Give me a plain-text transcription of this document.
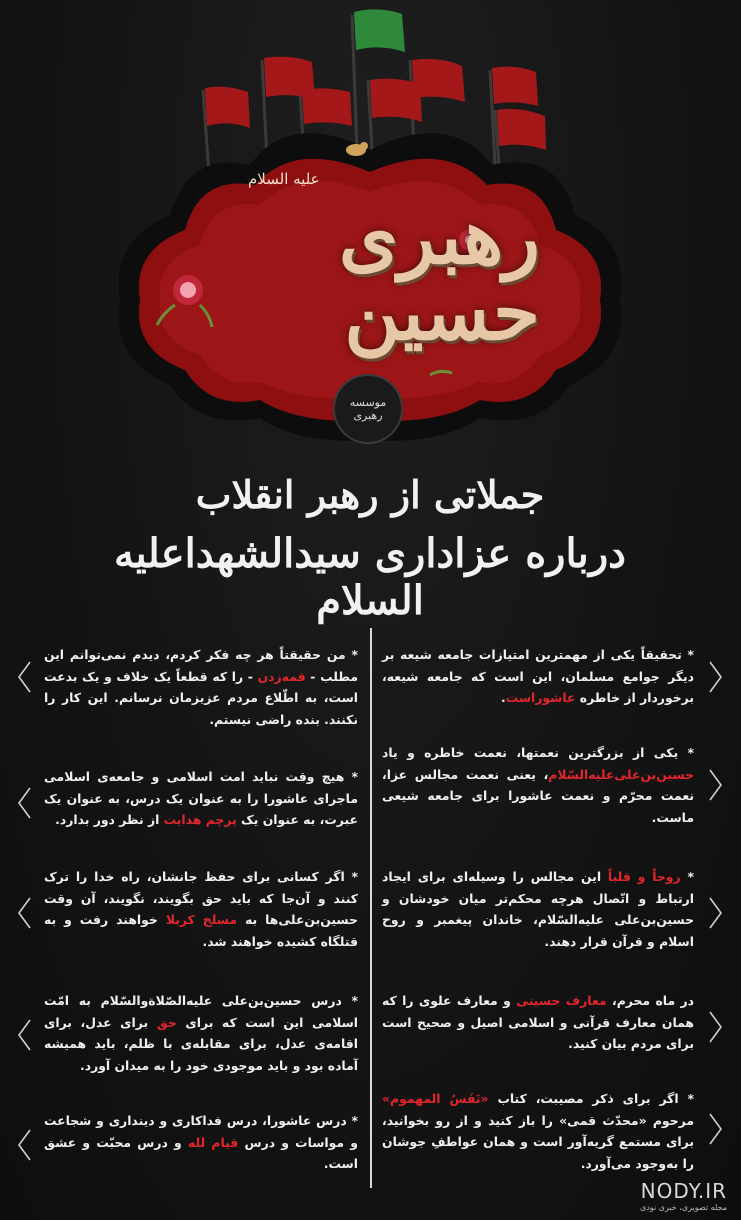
علیه السلام
رهبری حسین
موسسه رهبری
جملاتی از رهبر انقلاب
درباره عزاداری سیدالشهداعلیه السلام
* من حقیقتاً هر چه فکر کردم، دیدم نمی‌توانم این مطلب - قمه‌زدن - را که قطعاً یک خلاف و یک بدعت است، به اطّلاع مردم عزیزمان نرسانم. این کار را نکنند. بنده راضی نیستم.
* هیچ وقت نباید امت اسلامی و جامعه‌ی اسلامی ماجرای عاشورا را به عنوان یک درس، به عنوان یک عبرت، به عنوان یک پرچم هدایت از نظر دور بدارد.
* اگر کسانی برای حفظ جانشان، راه خدا را ترک کنند و آن‌جا که باید حق بگویند، نگویند، آن وقت حسین‌بن‌علی‌ها به مسلخ کربلا خواهند رفت و به قتلگاه کشیده خواهند شد.
* درس حسین‌بن‌علی علیه‌الصّلاة‌والسّلام به امّت اسلامی این است که برای حق برای عدل، برای اقامه‌ی عدل، برای مقابله‌ی با ظلم، باید همیشه آماده بود و باید موجودی خود را به میدان آورد.
* درس عاشورا، درس فداکاری و دینداری و شجاعت و مواسات و درس قیام لله و درس محبّت و عشق است.
* تحقیقاً یکی از مهمترین امتیازات جامعه شیعه بر دیگر جوامع مسلمان، این است که جامعه شیعه، برخوردار از خاطره عاشوراست.
* یکی از بزرگترین نعمتها، نعمت خاطره و یاد حسین‌بن‌علی‌علیه‌السّلام، یعنی نعمت مجالس عزا، نعمت محرّم و نعمت عاشورا برای جامعه شیعی ماست.
* روحاً و قلباً این مجالس را وسیله‌ای برای ایجاد ارتباط و اتّصال هرچه محکم‌تر میان خودشان و حسین‌بن‌علی علیه‌السّلام، خاندان پیغمبر و روح اسلام و قرآن قرار دهند.
در ماه محرم، معارف حسینی و معارف علوی را که همان معارف قرآنی و اسلامی اصیل و صحیح است برای مردم بیان کنید.
* اگر برای ذکر مصیبت، کتاب «نَفَسُ المهموم» مرحوم «محدّث قمی» را باز کنید و از رو بخوانید، برای مستمع گریه‌آور است و همان عواطفِ جوشان را به‌وجود می‌آورد.
NODY.IR
مجله تصویری، خبری نودی
